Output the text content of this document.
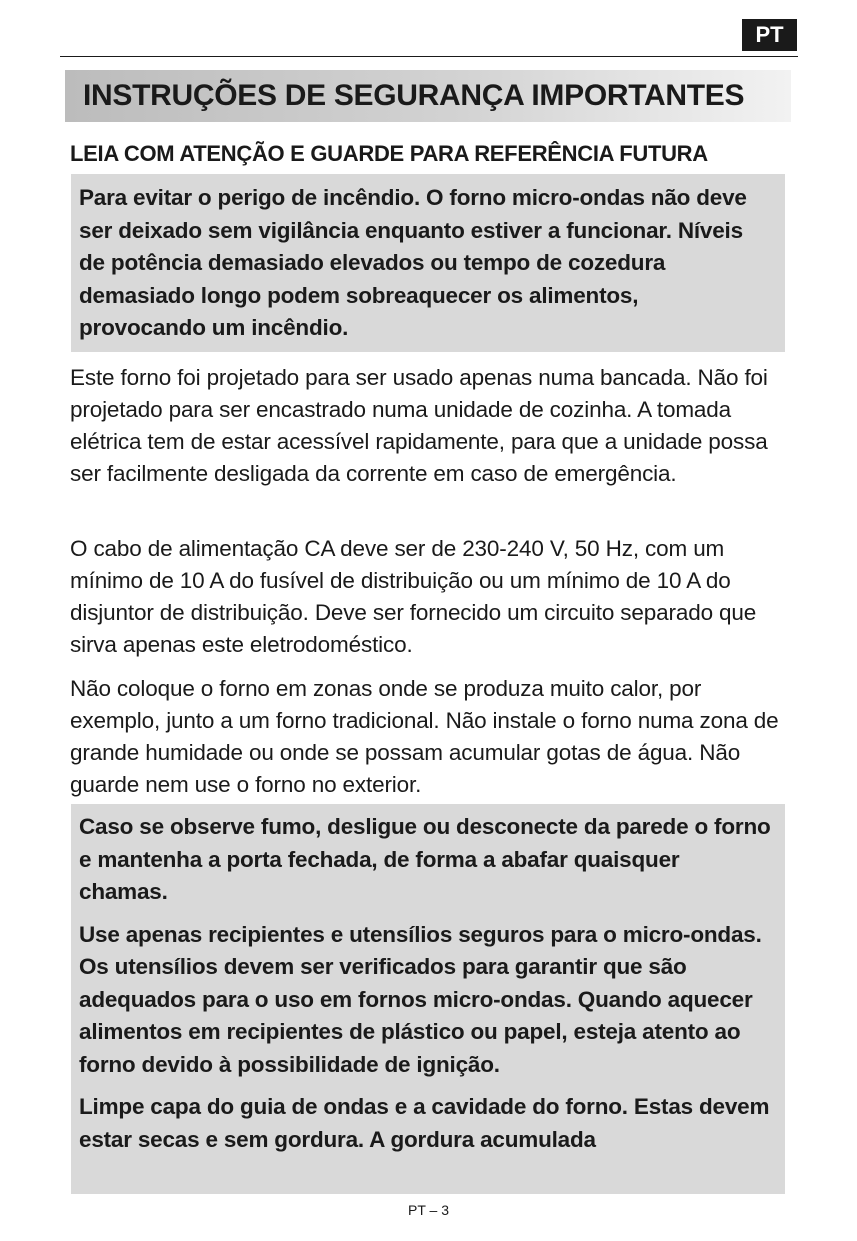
PT
INSTRUÇÕES DE SEGURANÇA IMPORTANTES
LEIA COM ATENÇÃO E GUARDE PARA REFERÊNCIA FUTURA

Para evitar o perigo de incêndio. O forno micro-ondas não deve ser deixado sem vigilância enquanto estiver a funcionar. Níveis de potência demasiado elevados ou tempo de cozedura demasiado longo podem sobreaquecer os alimentos, provocando um incêndio.

Este forno foi projetado para ser usado apenas numa bancada. Não foi projetado para ser encastrado numa unidade de cozinha. A tomada elétrica tem de estar acessível rapidamente, para que a unidade possa ser facilmente desligada da corrente em caso de emergência.

O cabo de alimentação CA deve ser de 230-240 V, 50 Hz, com um mínimo de 10 A do fusível de distribuição ou um mínimo de 10 A do disjuntor de distribuição. Deve ser fornecido um circuito separado que sirva apenas este eletrodoméstico.

Não coloque o forno em zonas onde se produza muito calor, por exemplo, junto a um forno tradicional. Não instale o forno numa zona de grande humidade ou onde se possam acumular gotas de água. Não guarde nem use o forno no exterior.

Caso se observe fumo, desligue ou desconecte da parede o forno e mantenha a porta fechada, de forma a abafar quaisquer chamas.

Use apenas recipientes e utensílios seguros para o micro-ondas. Os utensílios devem ser verificados para garantir que são adequados para o uso em fornos micro-ondas. Quando aquecer alimentos em recipientes de plástico ou papel, esteja atento ao forno devido à possibilidade de ignição.

Limpe capa do guia de ondas e a cavidade do forno. Estas devem estar secas e sem gordura. A gordura acumulada

PT – 3
